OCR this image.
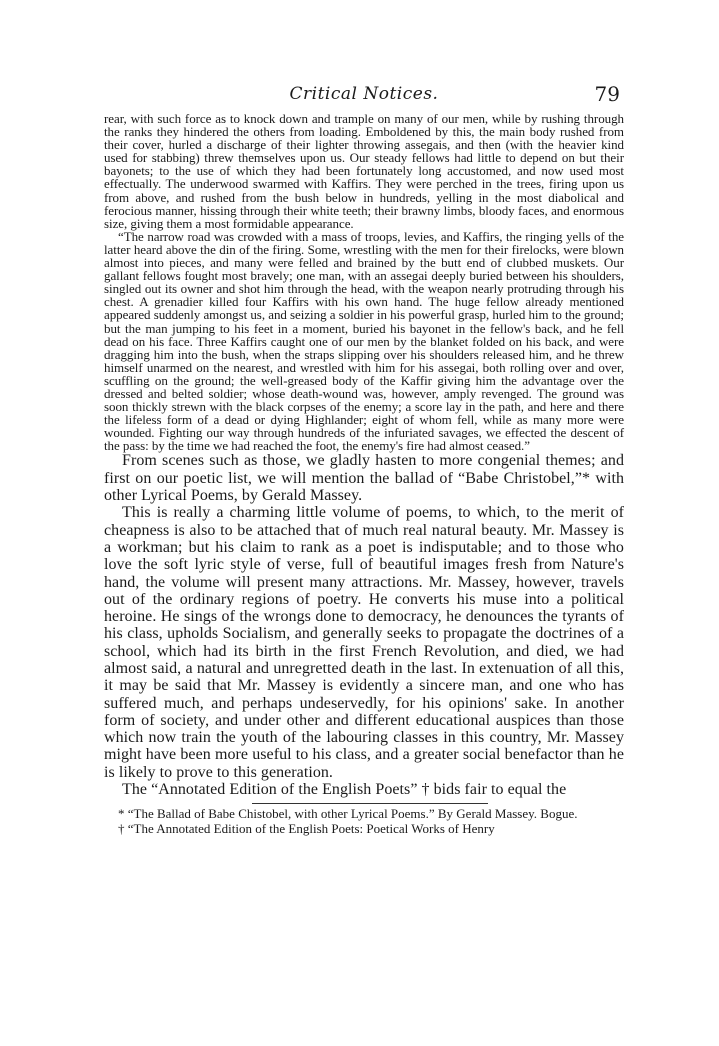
Critical Notices.	79

rear, with such force as to knock down and trample on many of our men, while by rushing through the ranks they hindered the others from loading. Emboldened by this, the main body rushed from their cover, hurled a discharge of their lighter throwing assegais, and then (with the heavier kind used for stabbing) threw themselves upon us. Our steady fellows had little to depend on but their bayonets; to the use of which they had been fortunately long accustomed, and now used most effectually. The underwood swarmed with Kaffirs. They were perched in the trees, firing upon us from above, and rushed from the bush below in hundreds, yelling in the most diabolical and ferocious manner, hissing through their white teeth; their brawny limbs, bloody faces, and enormous size, giving them a most formidable appearance.

“The narrow road was crowded with a mass of troops, levies, and Kaffirs, the ringing yells of the latter heard above the din of the firing. Some, wrestling with the men for their firelocks, were blown almost into pieces, and many were felled and brained by the butt end of clubbed muskets. Our gallant fellows fought most bravely; one man, with an assegai deeply buried between his shoulders, singled out its owner and shot him through the head, with the weapon nearly protruding through his chest. A grenadier killed four Kaffirs with his own hand. The huge fellow already mentioned appeared suddenly amongst us, and seizing a soldier in his powerful grasp, hurled him to the ground; but the man jumping to his feet in a moment, buried his bayonet in the fellow's back, and he fell dead on his face. Three Kaffirs caught one of our men by the blanket folded on his back, and were dragging him into the bush, when the straps slipping over his shoulders released him, and he threw himself unarmed on the nearest, and wrestled with him for his assegai, both rolling over and over, scuffling on the ground; the well-greased body of the Kaffir giving him the advantage over the dressed and belted soldier; whose death-wound was, however, amply revenged. The ground was soon thickly strewn with the black corpses of the enemy; a score lay in the path, and here and there the lifeless form of a dead or dying Highlander; eight of whom fell, while as many more were wounded. Fighting our way through hundreds of the infuriated savages, we effected the descent of the pass: by the time we had reached the foot, the enemy's fire had almost ceased.”

From scenes such as those, we gladly hasten to more congenial themes; and first on our poetic list, we will mention the ballad of “Babe Christobel,”* with other Lyrical Poems, by Gerald Massey.

This is really a charming little volume of poems, to which, to the merit of cheapness is also to be attached that of much real natural beauty. Mr. Massey is a workman; but his claim to rank as a poet is indisputable; and to those who love the soft lyric style of verse, full of beautiful images fresh from Nature's hand, the volume will present many attractions. Mr. Massey, however, travels out of the ordinary regions of poetry. He converts his muse into a political heroine. He sings of the wrongs done to democracy, he denounces the tyrants of his class, upholds Socialism, and generally seeks to propagate the doctrines of a school, which had its birth in the first French Revolution, and died, we had almost said, a natural and unregretted death in the last. In extenuation of all this, it may be said that Mr. Massey is evidently a sincere man, and one who has suffered much, and perhaps undeservedly, for his opinions' sake. In another form of society, and under other and different educational auspices than those which now train the youth of the labouring classes in this country, Mr. Massey might have been more useful to his class, and a greater social benefactor than he is likely to prove to this generation.

The “Annotated Edition of the English Poets” † bids fair to equal the

* “The Ballad of Babe Chistobel, with other Lyrical Poems.” By Gerald Massey. Bogue.

† “The Annotated Edition of the English Poets: Poetical Works of Henry
